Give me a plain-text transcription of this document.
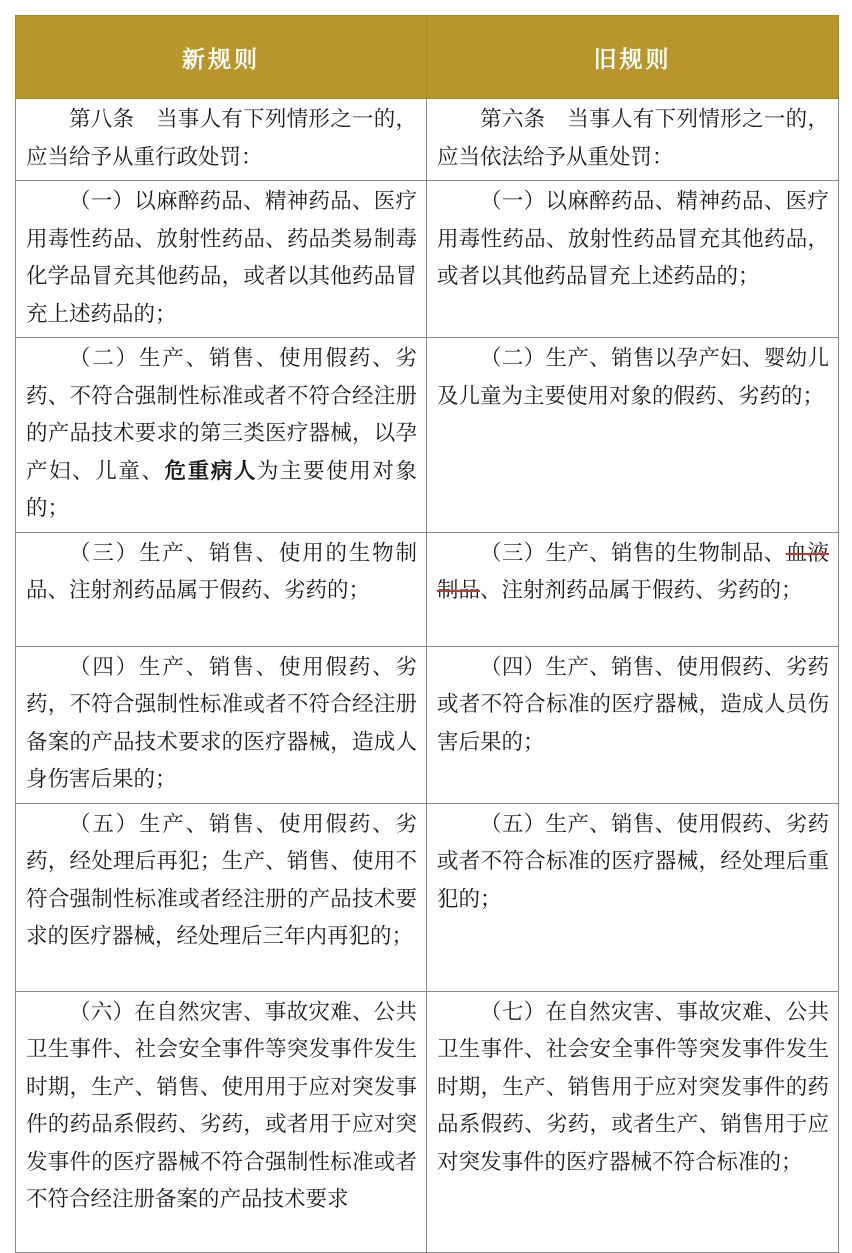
新规则	旧规则
第八条　当事人有下列情形之一的，应当给予从重行政处罚：	第六条　当事人有下列情形之一的，应当依法给予从重处罚：
（一）以麻醉药品、精神药品、医疗用毒性药品、放射性药品、药品类易制毒化学品冒充其他药品，或者以其他药品冒充上述药品的；	（一）以麻醉药品、精神药品、医疗用毒性药品、放射性药品冒充其他药品，或者以其他药品冒充上述药品的；
（二）生产、销售、使用假药、劣药、不符合强制性标准或者不符合经注册的产品技术要求的第三类医疗器械，以孕产妇、儿童、危重病人为主要使用对象的；	（二）生产、销售以孕产妇、婴幼儿及儿童为主要使用对象的假药、劣药的；
（三）生产、销售、使用的生物制品、注射剂药品属于假药、劣药的；	（三）生产、销售的生物制品、血液制品、注射剂药品属于假药、劣药的；
（四）生产、销售、使用假药、劣药，不符合强制性标准或者不符合经注册备案的产品技术要求的医疗器械，造成人身伤害后果的；	（四）生产、销售、使用假药、劣药或者不符合标准的医疗器械，造成人员伤害后果的；
（五）生产、销售、使用假药、劣药，经处理后再犯；生产、销售、使用不符合强制性标准或者经注册的产品技术要求的医疗器械，经处理后三年内再犯的；	（五）生产、销售、使用假药、劣药或者不符合标准的医疗器械，经处理后重犯的；
（六）在自然灾害、事故灾难、公共卫生事件、社会安全事件等突发事件发生时期，生产、销售、使用用于应对突发事件的药品系假药、劣药，或者用于应对突发事件的医疗器械不符合强制性标准或者不符合经注册备案的产品技术要求	（七）在自然灾害、事故灾难、公共卫生事件、社会安全事件等突发事件发生时期，生产、销售用于应对突发事件的药品系假药、劣药，或者生产、销售用于应对突发事件的医疗器械不符合标准的；
